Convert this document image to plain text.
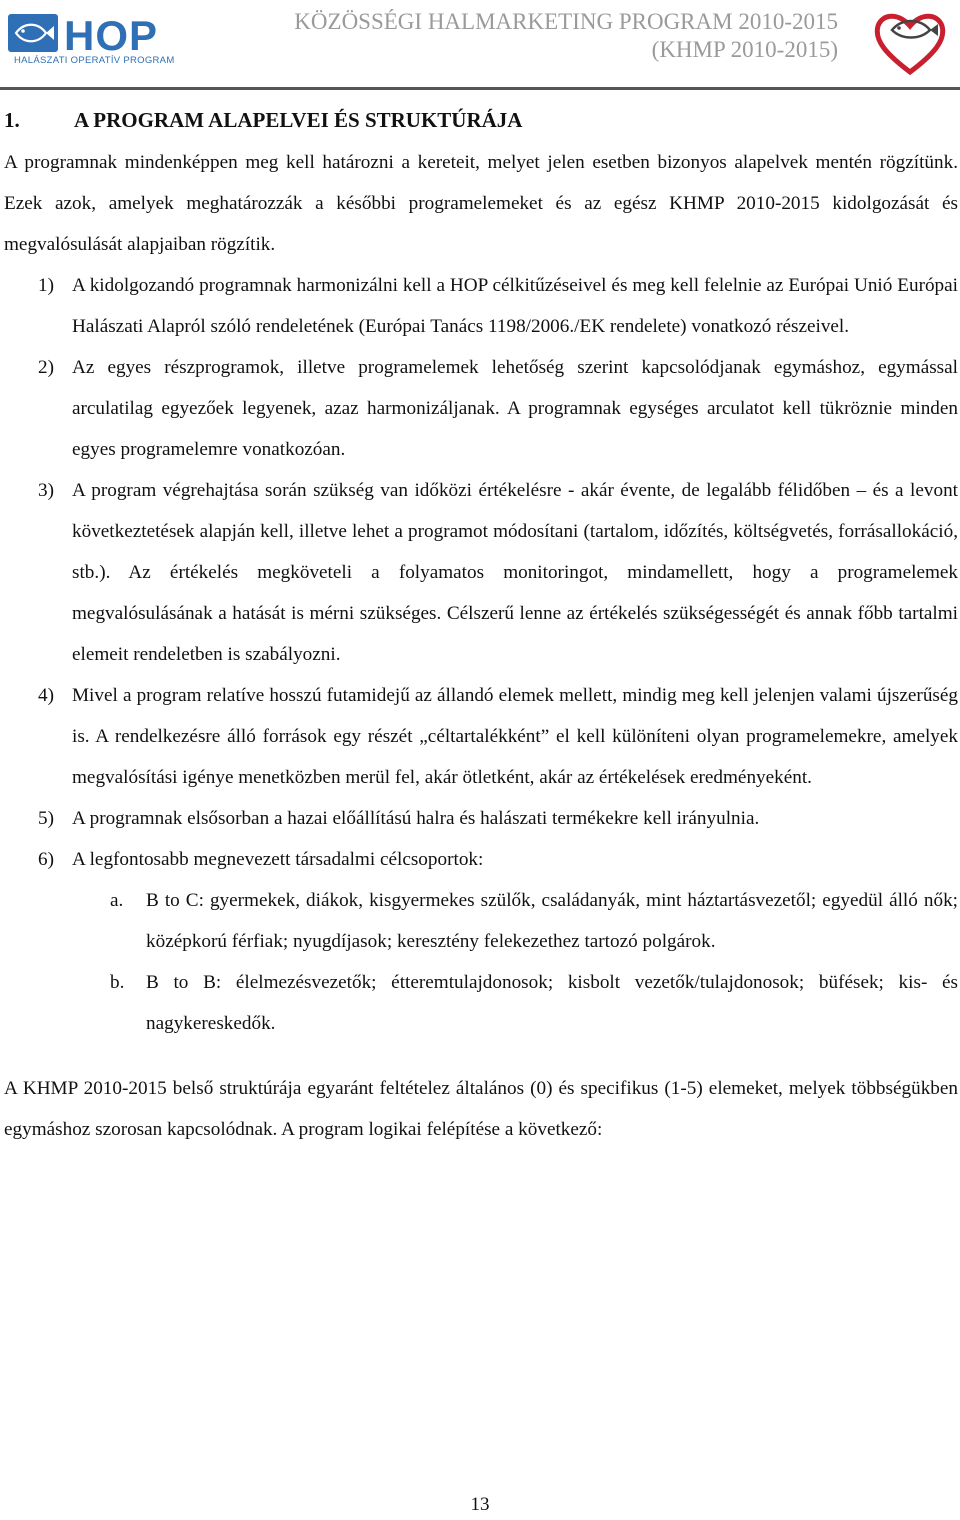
HOP
HALÁSZATI OPERATÍV PROGRAM
KÖZÖSSÉGI HALMARKETING PROGRAM 2010-2015
(KHMP 2010-2015)
1.	A PROGRAM ALAPELVEI ÉS STRUKTÚRÁJA

A programnak mindenképpen meg kell határozni a kereteit, melyet jelen esetben bizonyos alapelvek mentén rögzítünk. Ezek azok, amelyek meghatározzák a későbbi programelemeket és az egész KHMP 2010-2015 kidolgozását és megvalósulását alapjaiban rögzítik.

1) A kidolgozandó programnak harmonizálni kell a HOP célkitűzéseivel és meg kell felelnie az Európai Unió Európai Halászati Alapról szóló rendeletének (Európai Tanács 1198/2006./EK rendelete) vonatkozó részeivel.
2) Az egyes részprogramok, illetve programelemek lehetőség szerint kapcsolódjanak egymáshoz, egymással arculatilag egyezőek legyenek, azaz harmonizáljanak. A programnak egységes arculatot kell tükröznie minden egyes programelemre vonatkozóan.
3) A program végrehajtása során szükség van időközi értékelésre - akár évente, de legalább félidőben – és a levont következtetések alapján kell, illetve lehet a programot módosítani (tartalom, időzítés, költségvetés, forrásallokáció, stb.). Az értékelés megköveteli a folyamatos monitoringot, mindamellett, hogy a programelemek megvalósulásának a hatását is mérni szükséges. Célszerű lenne az értékelés szükségességét és annak főbb tartalmi elemeit rendeletben is szabályozni.
4) Mivel a program relatíve hosszú futamidejű az állandó elemek mellett, mindig meg kell jelenjen valami újszerűség is. A rendelkezésre álló források egy részét „céltartalékként” el kell különíteni olyan programelemekre, amelyek megvalósítási igénye menetközben merül fel, akár ötletként, akár az értékelések eredményeként.
5) A programnak elsősorban a hazai előállítású halra és halászati termékekre kell irányulnia.
6) A legfontosabb megnevezett társadalmi célcsoportok:
a.	B to C: gyermekek, diákok, kisgyermekes szülők, családanyák, mint háztartásvezetől; egyedül álló nők; középkorú férfiak; nyugdíjasok; keresztény felekezethez tartozó polgárok.
b.	B to B: élelmezésvezetők; étteremtulajdonosok; kisbolt vezetők/tulajdonosok; büfések; kis- és nagykereskedők.

A KHMP 2010-2015 belső struktúrája egyaránt feltételez általános (0) és specifikus (1-5) elemeket, melyek többségükben egymáshoz szorosan kapcsolódnak. A program logikai felépítése a következő:

13
